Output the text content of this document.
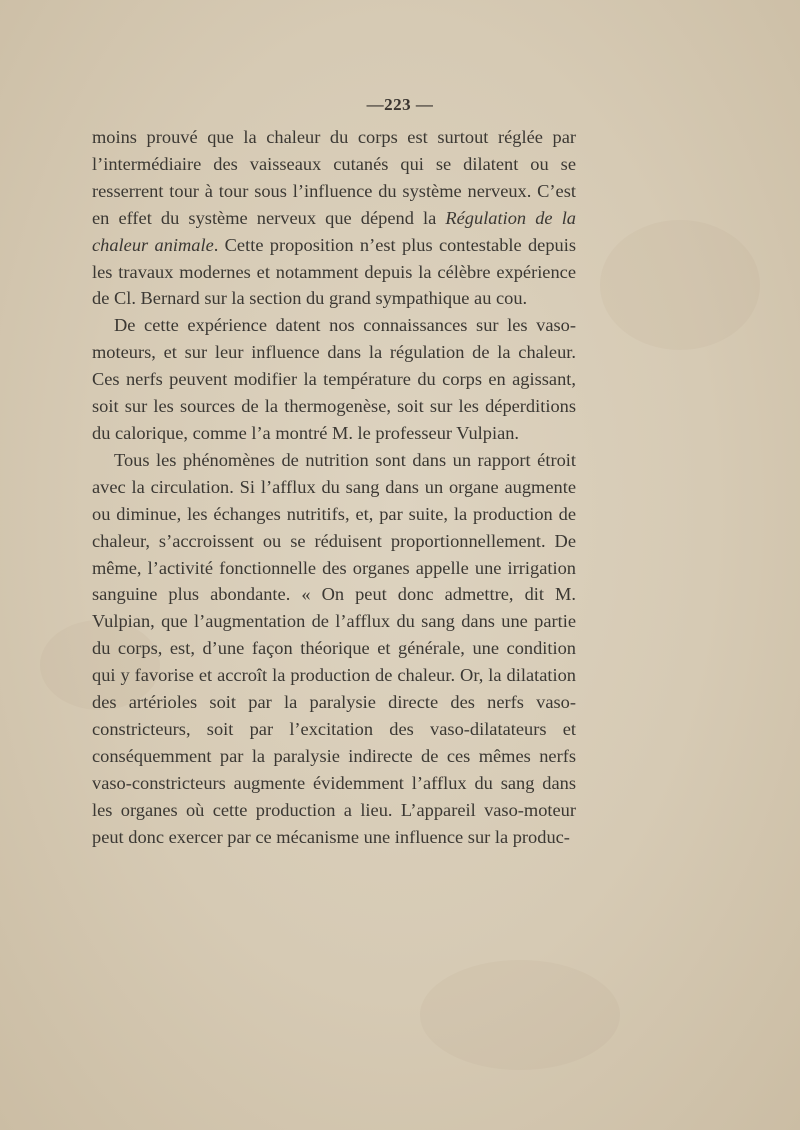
—223 —

moins prouvé que la chaleur du corps est surtout réglée par l’intermédiaire des vaisseaux cutanés qui se dilatent ou se resserrent tour à tour sous l’influence du système nerveux. C’est en effet du système nerveux que dépend la Régulation de la chaleur animale. Cette proposition n’est plus contestable depuis les travaux modernes et notamment depuis la célèbre expérience de Cl. Bernard sur la section du grand sympathique au cou.

De cette expérience datent nos connaissances sur les vaso-moteurs, et sur leur influence dans la régulation de la chaleur. Ces nerfs peuvent modifier la température du corps en agissant, soit sur les sources de la thermogenèse, soit sur les déperditions du calorique, comme l’a montré M. le professeur Vulpian.

Tous les phénomènes de nutrition sont dans un rapport étroit avec la circulation. Si l’afflux du sang dans un organe augmente ou diminue, les échanges nutritifs, et, par suite, la production de chaleur, s’accroissent ou se réduisent proportionnellement. De même, l’activité fonctionnelle des organes appelle une irrigation sanguine plus abondante. « On peut donc admettre, dit M. Vulpian, que l’augmentation de l’afflux du sang dans une partie du corps, est, d’une façon théorique et générale, une condition qui y favorise et accroît la production de chaleur. Or, la dilatation des artérioles soit par la paralysie directe des nerfs vaso-constricteurs, soit par l’excitation des vaso-dilatateurs et conséquemment par la paralysie indirecte de ces mêmes nerfs vaso-constricteurs augmente évidemment l’afflux du sang dans les organes où cette production a lieu. L’appareil vaso-moteur peut donc exercer par ce mécanisme une influence sur la produc-
